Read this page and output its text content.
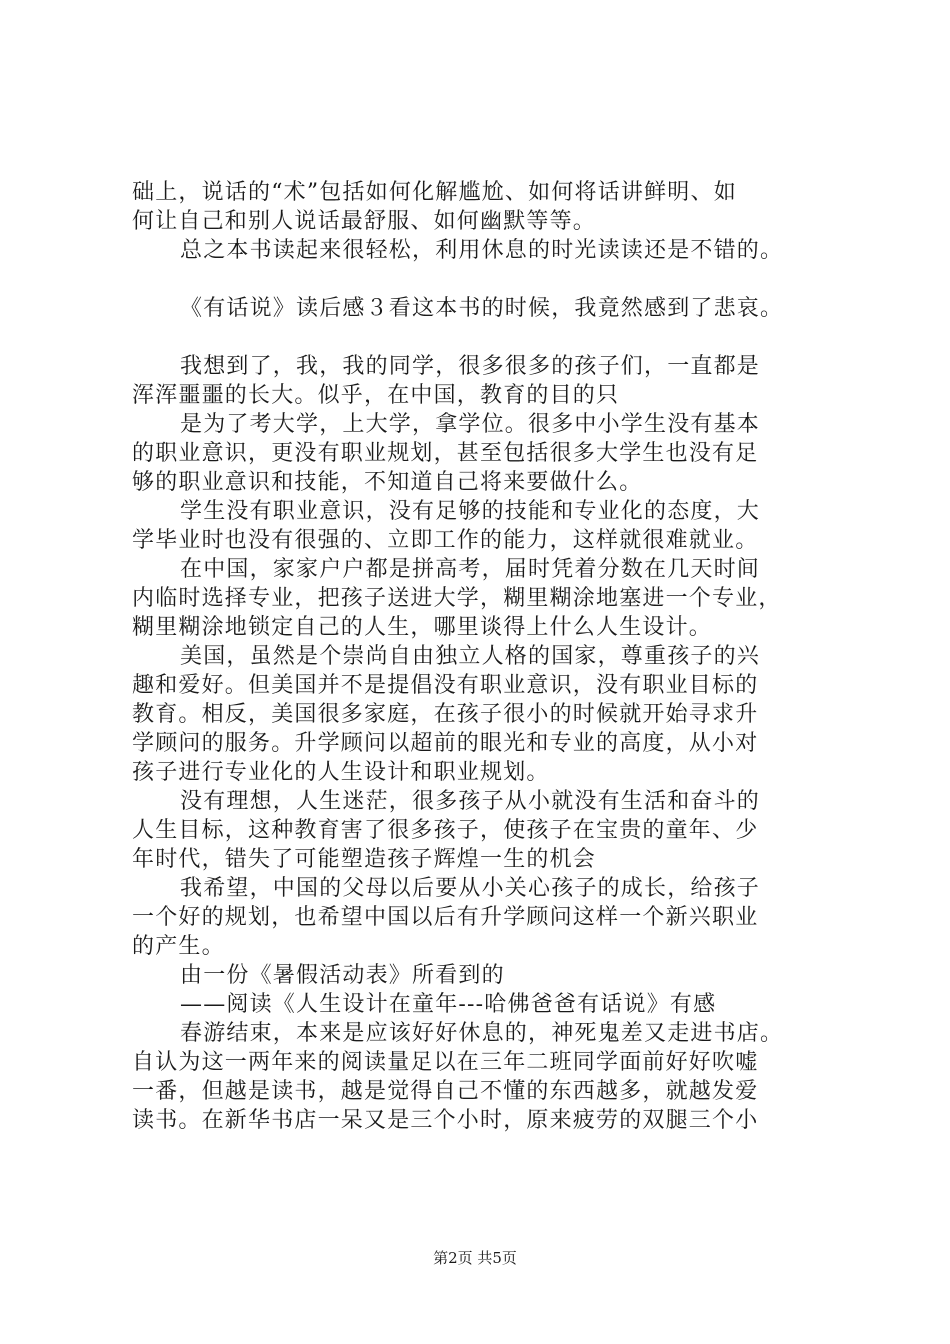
础上，说话的“术”包括如何化解尴尬、如何将话讲鲜明、如
何让自己和别人说话最舒服、如何幽默等等。
总之本书读起来很轻松，利用休息的时光读读还是不错的。
《有话说》读后感３看这本书的时候，我竟然感到了悲哀。
我想到了，我，我的同学，很多很多的孩子们，一直都是
浑浑噩噩的长大。似乎，在中国，教育的目的只
是为了考大学，上大学，拿学位。很多中小学生没有基本
的职业意识，更没有职业规划，甚至包括很多大学生也没有足
够的职业意识和技能，不知道自己将来要做什么。
学生没有职业意识，没有足够的技能和专业化的态度，大
学毕业时也没有很强的、立即工作的能力，这样就很难就业。
在中国，家家户户都是拼高考，届时凭着分数在几天时间
内临时选择专业，把孩子送进大学，糊里糊涂地塞进一个专业，
糊里糊涂地锁定自己的人生，哪里谈得上什么人生设计。
美国，虽然是个崇尚自由独立人格的国家，尊重孩子的兴
趣和爱好。但美国并不是提倡没有职业意识，没有职业目标的
教育。相反，美国很多家庭，在孩子很小的时候就开始寻求升
学顾问的服务。升学顾问以超前的眼光和专业的高度，从小对
孩子进行专业化的人生设计和职业规划。
没有理想，人生迷茫，很多孩子从小就没有生活和奋斗的
人生目标，这种教育害了很多孩子，使孩子在宝贵的童年、少
年时代，错失了可能塑造孩子辉煌一生的机会
我希望，中国的父母以后要从小关心孩子的成长，给孩子
一个好的规划，也希望中国以后有升学顾问这样一个新兴职业
的产生。
由一份《暑假活动表》所看到的
——阅读《人生设计在童年---哈佛爸爸有话说》有感
春游结束，本来是应该好好休息的，神死鬼差又走进书店。
自认为这一两年来的阅读量足以在三年二班同学面前好好吹嘘
一番，但越是读书，越是觉得自己不懂的东西越多，就越发爱
读书。在新华书店一呆又是三个小时，原来疲劳的双腿三个小
第2页 共5页
